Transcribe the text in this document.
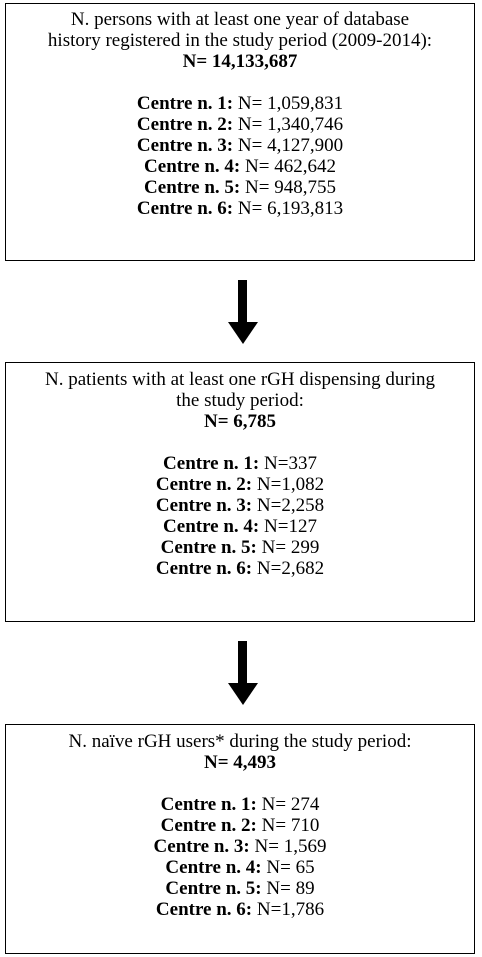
N. persons with at least one year of database
history registered in the study period (2009-2014):
N= 14,133,687
Centre n. 1: N= 1,059,831
Centre n. 2: N= 1,340,746
Centre n. 3: N= 4,127,900
Centre n. 4: N= 462,642
Centre n. 5: N= 948,755
Centre n. 6: N= 6,193,813
N. patients with at least one rGH dispensing during
the study period:
N= 6,785
Centre n. 1: N=337
Centre n. 2: N=1,082
Centre n. 3: N=2,258
Centre n. 4: N=127
Centre n. 5: N= 299
Centre n. 6: N=2,682
N. naïve rGH users* during the study period:
N= 4,493
Centre n. 1: N= 274
Centre n. 2: N= 710
Centre n. 3: N= 1,569
Centre n. 4: N= 65
Centre n. 5: N= 89
Centre n. 6: N=1,786
